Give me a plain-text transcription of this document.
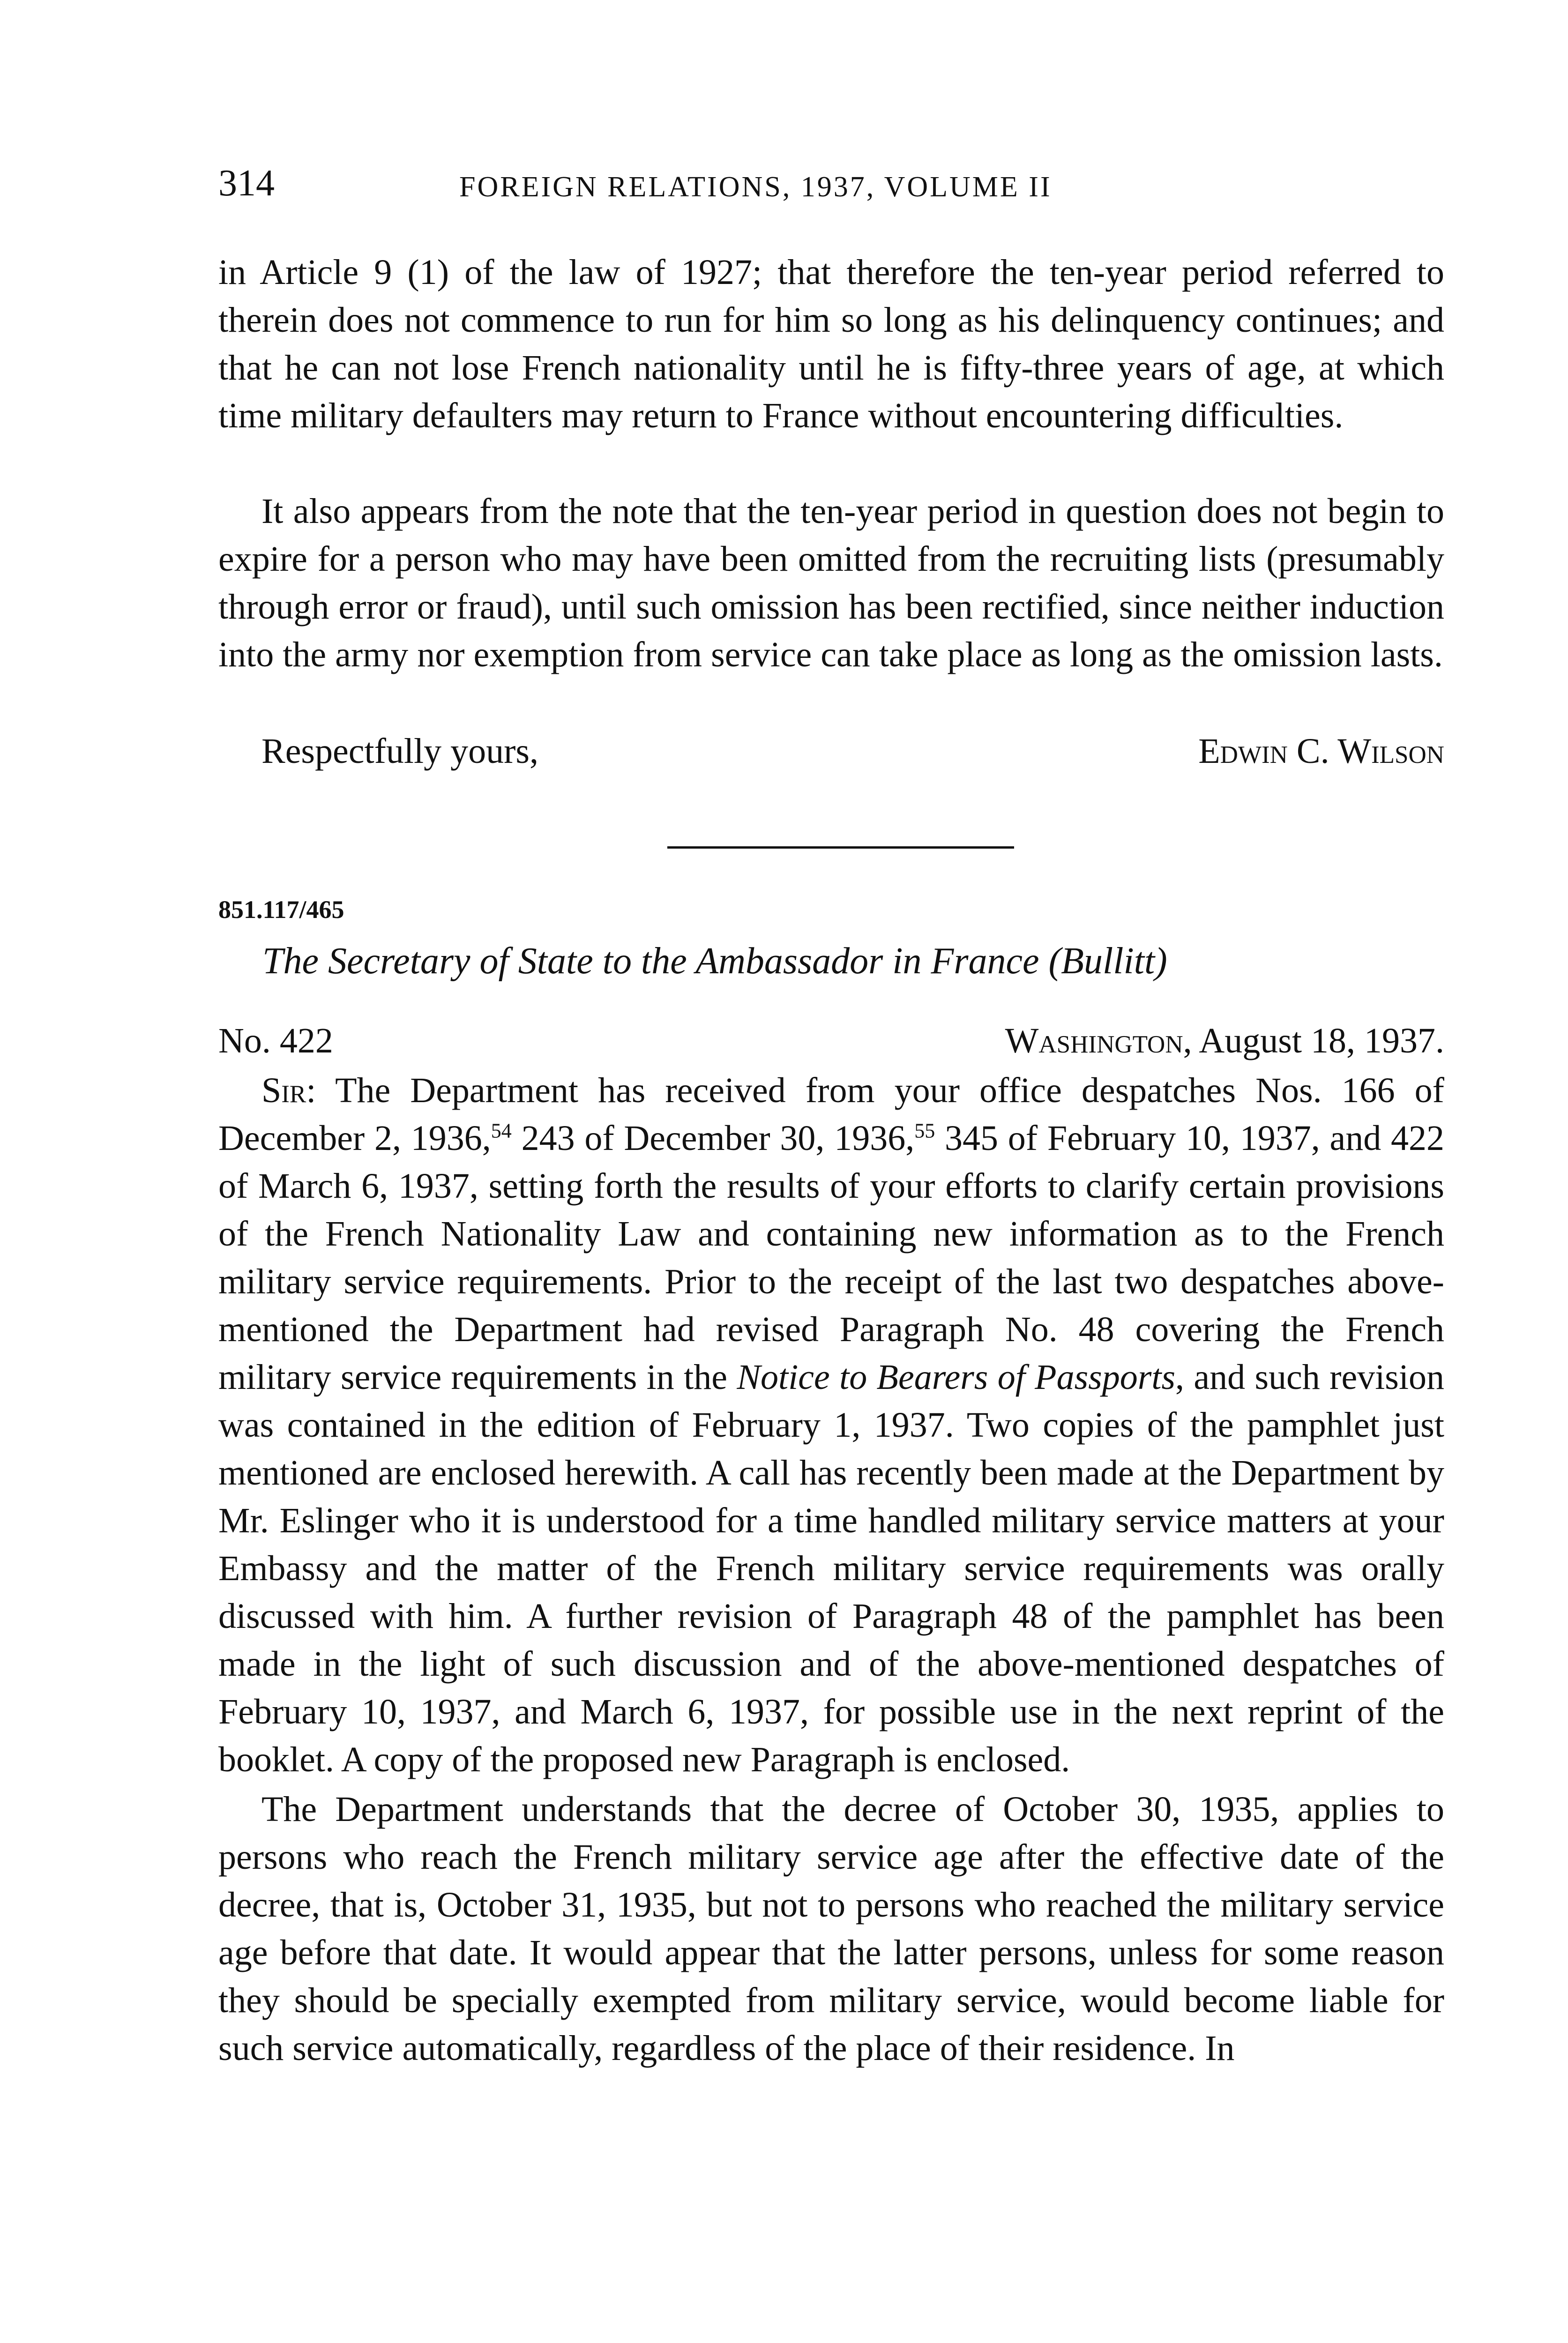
314	FOREIGN RELATIONS, 1937, VOLUME II

in Article 9 (1) of the law of 1927; that therefore the ten-year period referred to therein does not commence to run for him so long as his delinquency continues; and that he can not lose French nationality until he is fifty-three years of age, at which time military defaulters may return to France without encountering difficulties.

It also appears from the note that the ten-year period in question does not begin to expire for a person who may have been omitted from the recruiting lists (presumably through error or fraud), until such omission has been rectified, since neither induction into the army nor exemption from service can take place as long as the omission lasts.

Respectfully yours,	Edwin C. Wilson
851.117/465
The Secretary of State to the Ambassador in France (Bullitt)
No. 422	Washington, August 18, 1937.

Sir: The Department has received from your office despatches Nos. 166 of December 2, 1936,54 243 of December 30, 1936,55 345 of February 10, 1937, and 422 of March 6, 1937, setting forth the results of your efforts to clarify certain provisions of the French Nationality Law and containing new information as to the French military service requirements. Prior to the receipt of the last two despatches above-mentioned the Department had revised Paragraph No. 48 covering the French military service requirements in the Notice to Bearers of Passports, and such revision was contained in the edition of February 1, 1937. Two copies of the pamphlet just mentioned are enclosed herewith. A call has recently been made at the Department by Mr. Eslinger who it is understood for a time handled military service matters at your Embassy and the matter of the French military service requirements was orally discussed with him. A further revision of Paragraph 48 of the pamphlet has been made in the light of such discussion and of the above-mentioned despatches of February 10, 1937, and March 6, 1937, for possible use in the next reprint of the booklet. A copy of the proposed new Paragraph is enclosed.

The Department understands that the decree of October 30, 1935, applies to persons who reach the French military service age after the effective date of the decree, that is, October 31, 1935, but not to persons who reached the military service age before that date. It would appear that the latter persons, unless for some reason they should be specially exempted from military service, would become liable for such service automatically, regardless of the place of their residence. In
